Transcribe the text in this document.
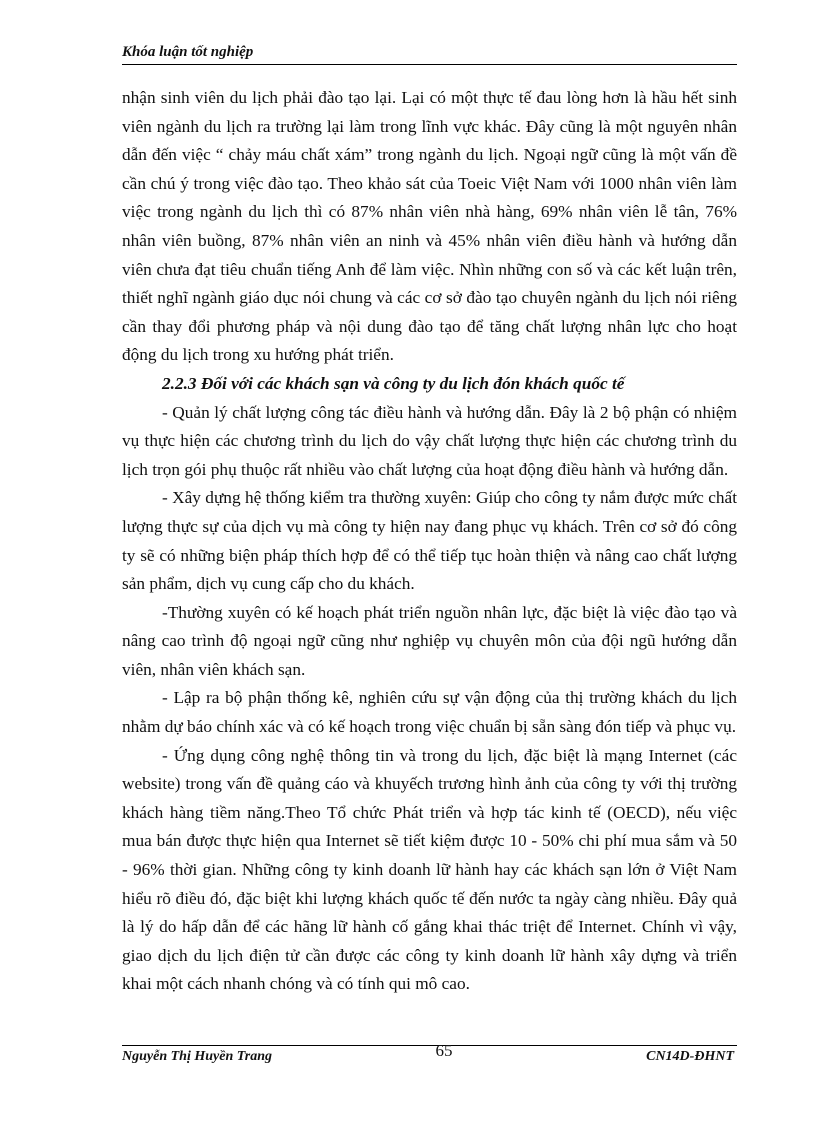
Khóa luận tốt nghiệp

nhận sinh viên du lịch phải đào tạo lại. Lại có một thực tế đau lòng hơn là hầu hết sinh viên ngành du lịch ra trường lại làm trong lĩnh vực khác. Đây cũng là một nguyên nhân dẫn đến việc “ chảy máu chất xám” trong ngành du lịch. Ngoại ngữ cũng là một vấn đề cần chú ý trong việc đào tạo. Theo khảo sát của Toeic Việt Nam với 1000 nhân viên làm việc trong ngành du lịch thì có 87% nhân viên nhà hàng, 69% nhân viên lễ tân, 76% nhân viên buồng, 87% nhân viên an ninh và 45% nhân viên điều hành và hướng dẫn viên chưa đạt tiêu chuẩn tiếng Anh để làm việc. Nhìn những con số và các kết luận trên, thiết nghĩ ngành giáo dục nói chung và các cơ sở đào tạo chuyên ngành du lịch nói riêng cần thay đổi phương pháp và nội dung đào tạo để tăng chất lượng nhân lực cho hoạt động du lịch trong xu hướng phát triển.

2.2.3 Đối với các khách sạn và công ty du lịch đón khách quốc tế

- Quản lý chất lượng công tác điều hành và hướng dẫn. Đây là 2 bộ phận có nhiệm vụ thực hiện các chương trình du lịch do vậy chất lượng thực hiện các chương trình du lịch trọn gói phụ thuộc rất nhiều vào chất lượng của hoạt động điều hành và hướng dẫn.

- Xây dựng hệ thống kiểm tra thường xuyên: Giúp cho công ty nắm được mức chất lượng thực sự của dịch vụ mà công ty hiện nay đang phục vụ khách. Trên cơ sở đó công ty sẽ có những biện pháp thích hợp để có thể tiếp tục hoàn thiện và nâng cao chất lượng sản phẩm, dịch vụ cung cấp cho du khách.

-Thường xuyên có kế hoạch phát triển nguồn nhân lực, đặc biệt là việc đào tạo và nâng cao trình độ ngoại ngữ cũng như nghiệp vụ chuyên môn của đội ngũ hướng dẫn viên, nhân viên khách sạn.

- Lập ra bộ phận thống kê, nghiên cứu sự vận động của thị trường khách du lịch nhằm dự báo chính xác và có kế hoạch trong việc chuẩn bị sẵn sàng đón tiếp và phục vụ.

- Ứng dụng công nghệ thông tin và trong du lịch, đặc biệt là mạng Internet (các website) trong vấn đề quảng cáo và khuyếch trương hình ảnh của công ty với thị trường khách hàng tiềm năng.Theo Tổ chức Phát triển và hợp tác kinh tế (OECD), nếu việc mua bán được thực hiện qua Internet sẽ tiết kiệm được 10 - 50% chi phí mua sắm và 50 - 96% thời gian. Những công ty kinh doanh lữ hành hay các khách sạn lớn ở Việt Nam hiểu rõ điều đó, đặc biệt khi lượng khách quốc tế đến nước ta ngày càng nhiều. Đây quả là lý do hấp dẫn để các hãng lữ hành cố gắng khai thác triệt để Internet. Chính vì vậy, giao dịch du lịch điện tử cần được các công ty kinh doanh lữ hành xây dựng và triển khai một cách nhanh chóng và có tính qui mô cao.

Nguyễn Thị Huyền Trang	65	CN14D-ĐHNT
